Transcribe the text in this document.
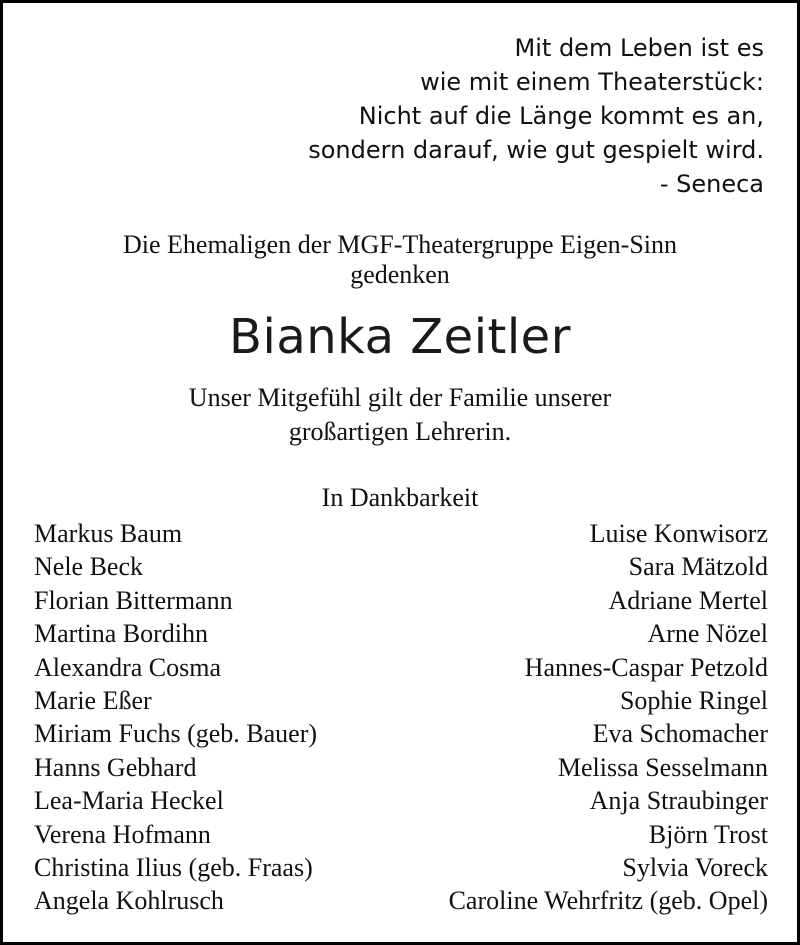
Mit dem Leben ist es
wie mit einem Theaterstück:
Nicht auf die Länge kommt es an,
sondern darauf, wie gut gespielt wird.
- Seneca
Die Ehemaligen der MGF-Theatergruppe Eigen-Sinn
gedenken
Bianka Zeitler
Unser Mitgefühl gilt der Familie unserer
großartigen Lehrerin.
In Dankbarkeit
Markus Baum
Nele Beck
Florian Bittermann
Martina Bordihn
Alexandra Cosma
Marie Eßer
Miriam Fuchs (geb. Bauer)
Hanns Gebhard
Lea-Maria Heckel
Verena Hofmann
Christina Ilius (geb. Fraas)
Angela Kohlrusch
Luise Konwisorz
Sara Mätzold
Adriane Mertel
Arne Nözel
Hannes-Caspar Petzold
Sophie Ringel
Eva Schomacher
Melissa Sesselmann
Anja Straubinger
Björn Trost
Sylvia Voreck
Caroline Wehrfritz (geb. Opel)
